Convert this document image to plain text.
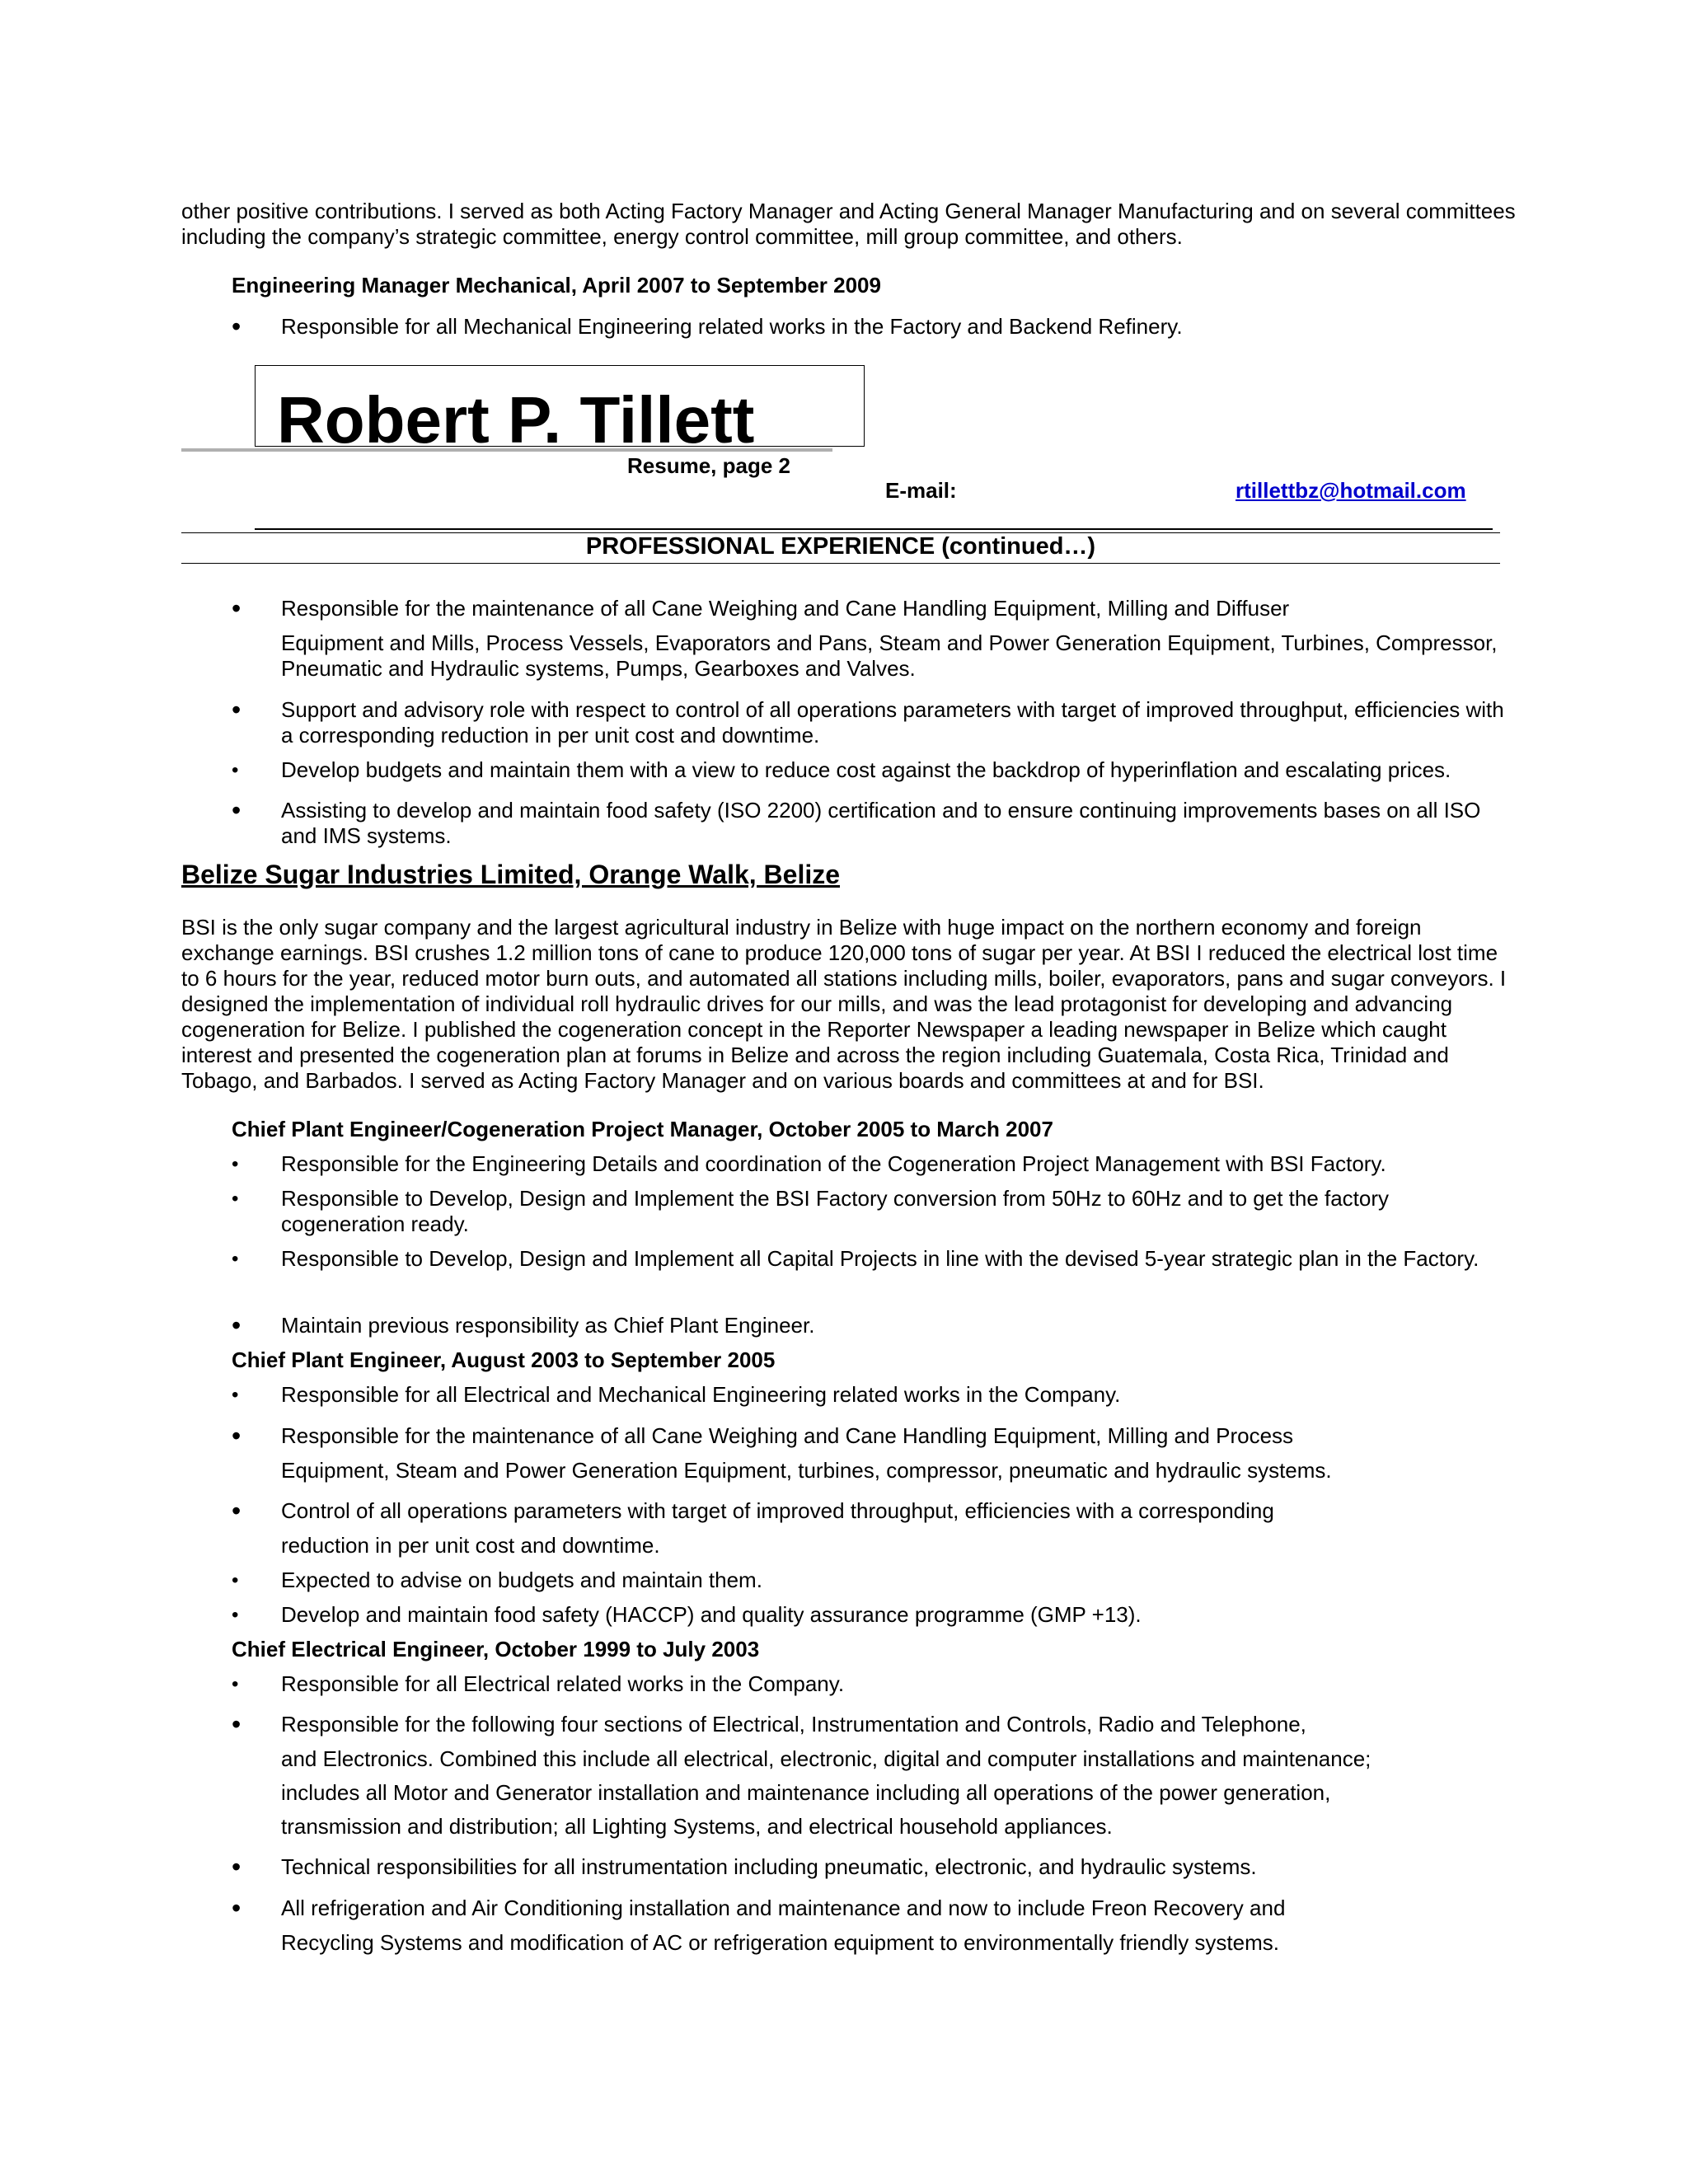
other positive contributions. I served as both Acting Factory Manager and Acting General Manager Manufacturing and on several committees including the company’s strategic committee, energy control committee, mill group committee, and others.

Engineering Manager Mechanical, April 2007 to September 2009
•	Responsible for all Mechanical Engineering related works in the Factory and Backend Refinery.
Robert P. Tillett
Resume, page 2
E-mail:	rtillettbz@hotmail.com
PROFESSIONAL EXPERIENCE (continued…)
•	Responsible for the maintenance of all Cane Weighing and Cane Handling Equipment, Milling and Diffuser
Equipment and Mills, Process Vessels, Evaporators and Pans, Steam and Power Generation Equipment, Turbines, Compressor, Pneumatic and Hydraulic systems, Pumps, Gearboxes and Valves.
•	Support and advisory role with respect to control of all operations parameters with target of improved throughput, efficiencies with a corresponding reduction in per unit cost and downtime.
•	Develop budgets and maintain them with a view to reduce cost against the backdrop of hyperinflation and escalating prices.
•	Assisting to develop and maintain food safety (ISO 2200) certification and to ensure continuing improvements bases on all ISO and IMS systems.
Belize Sugar Industries Limited, Orange Walk, Belize

BSI is the only sugar company and the largest agricultural industry in Belize with huge impact on the northern economy and foreign exchange earnings. BSI crushes 1.2 million tons of cane to produce 120,000 tons of sugar per year. At BSI I reduced the electrical lost time to 6 hours for the year, reduced motor burn outs, and automated all stations including mills, boiler, evaporators, pans and sugar conveyors. I designed the implementation of individual roll hydraulic drives for our mills, and was the lead protagonist for developing and advancing cogeneration for Belize. I published the cogeneration concept in the Reporter Newspaper a leading newspaper in Belize which caught interest and presented the cogeneration plan at forums in Belize and across the region including Guatemala, Costa Rica, Trinidad and Tobago, and Barbados. I served as Acting Factory Manager and on various boards and committees at and for BSI.

Chief Plant Engineer/Cogeneration Project Manager, October 2005 to March 2007
•	Responsible for the Engineering Details and coordination of the Cogeneration Project Management with BSI Factory.
•	Responsible to Develop, Design and Implement the BSI Factory conversion from 50Hz to 60Hz and to get the factory cogeneration ready.
•	Responsible to Develop, Design and Implement all Capital Projects in line with the devised 5-year strategic plan in the Factory.
•	Maintain previous responsibility as Chief Plant Engineer.
Chief Plant Engineer, August 2003 to September 2005
•	Responsible for all Electrical and Mechanical Engineering related works in the Company.
•	Responsible for the maintenance of all Cane Weighing and Cane Handling Equipment, Milling and Process
Equipment, Steam and Power Generation Equipment, turbines, compressor, pneumatic and hydraulic systems.
•	Control of all operations parameters with target of improved throughput, efficiencies with a corresponding
reduction in per unit cost and downtime.
•	Expected to advise on budgets and maintain them.
•	Develop and maintain food safety (HACCP) and quality assurance programme (GMP +13).
Chief Electrical Engineer, October 1999 to July 2003
•	Responsible for all Electrical related works in the Company.
•	Responsible for the following four sections of Electrical, Instrumentation and Controls, Radio and Telephone,
and Electronics. Combined this include all electrical, electronic, digital and computer installations and maintenance;
includes all Motor and Generator installation and maintenance including all operations of the power generation,
transmission and distribution; all Lighting Systems, and electrical household appliances.
•	Technical responsibilities for all instrumentation including pneumatic, electronic, and hydraulic systems.
•	All refrigeration and Air Conditioning installation and maintenance and now to include Freon Recovery and
Recycling Systems and modification of AC or refrigeration equipment to environmentally friendly systems.
